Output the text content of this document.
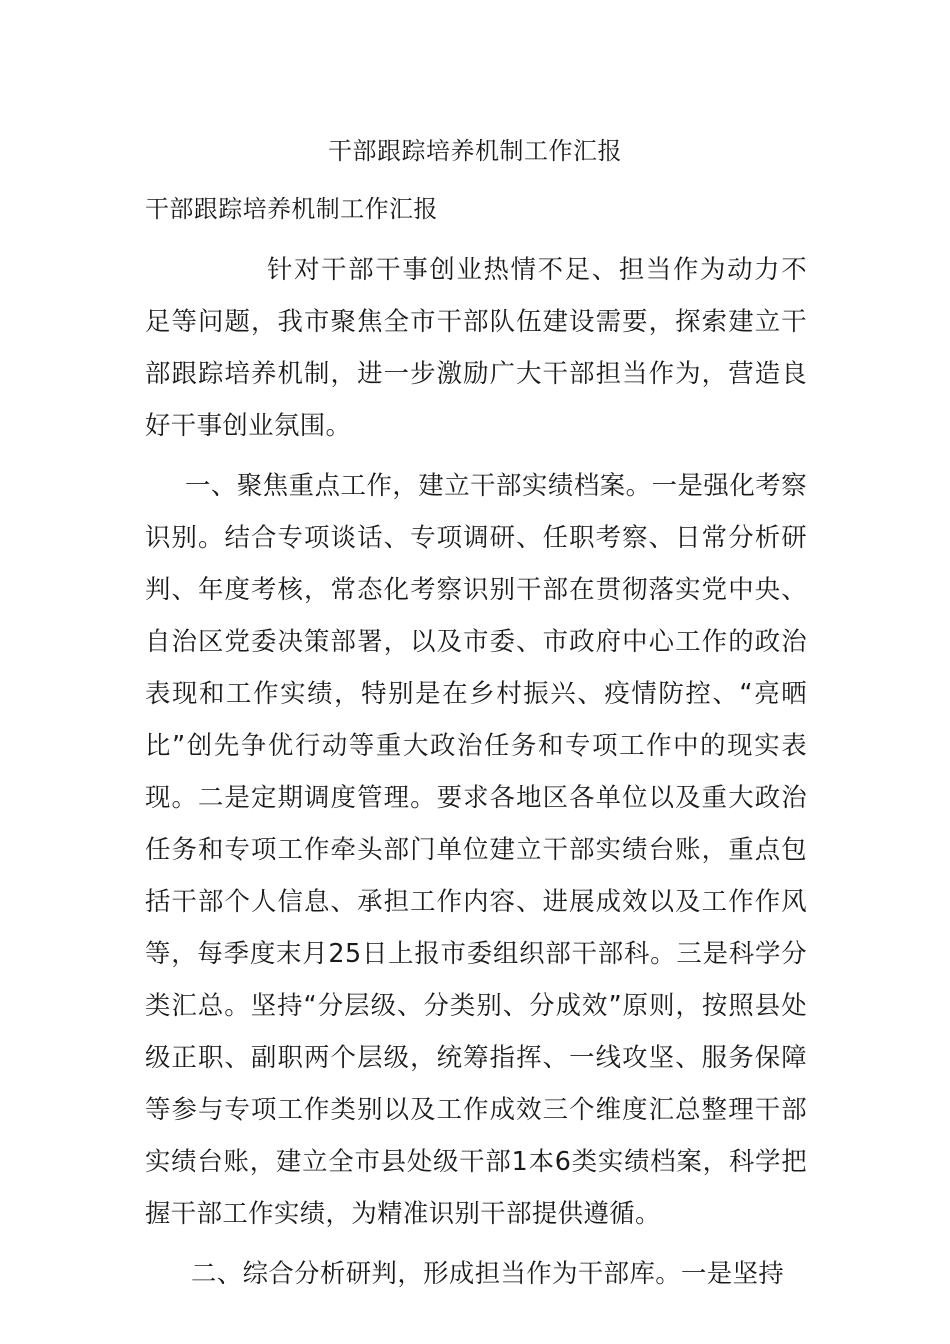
干部跟踪培养机制工作汇报

干部跟踪培养机制工作汇报

针对干部干事创业热情不足、担当作为动力不足等问题，我市聚焦全市干部队伍建设需要，探索建立干部跟踪培养机制，进一步激励广大干部担当作为，营造良好干事创业氛围。

一、聚焦重点工作，建立干部实绩档案。一是强化考察识别。结合专项谈话、专项调研、任职考察、日常分析研判、年度考核，常态化考察识别干部在贯彻落实党中央、自治区党委决策部署，以及市委、市政府中心工作的政治表现和工作实绩，特别是在乡村振兴、疫情防控、“亮晒比”创先争优行动等重大政治任务和专项工作中的现实表现。二是定期调度管理。要求各地区各单位以及重大政治任务和专项工作牵头部门单位建立干部实绩台账，重点包括干部个人信息、承担工作内容、进展成效以及工作作风等，每季度末月25日上报市委组织部干部科。三是科学分类汇总。坚持“分层级、分类别、分成效”原则，按照县处级正职、副职两个层级，统筹指挥、一线攻坚、服务保障等参与专项工作类别以及工作成效三个维度汇总整理干部实绩台账，建立全市县处级干部1本6类实绩档案，科学把握干部工作实绩，为精准识别干部提供遵循。

二、综合分析研判，形成担当作为干部库。一是坚持
